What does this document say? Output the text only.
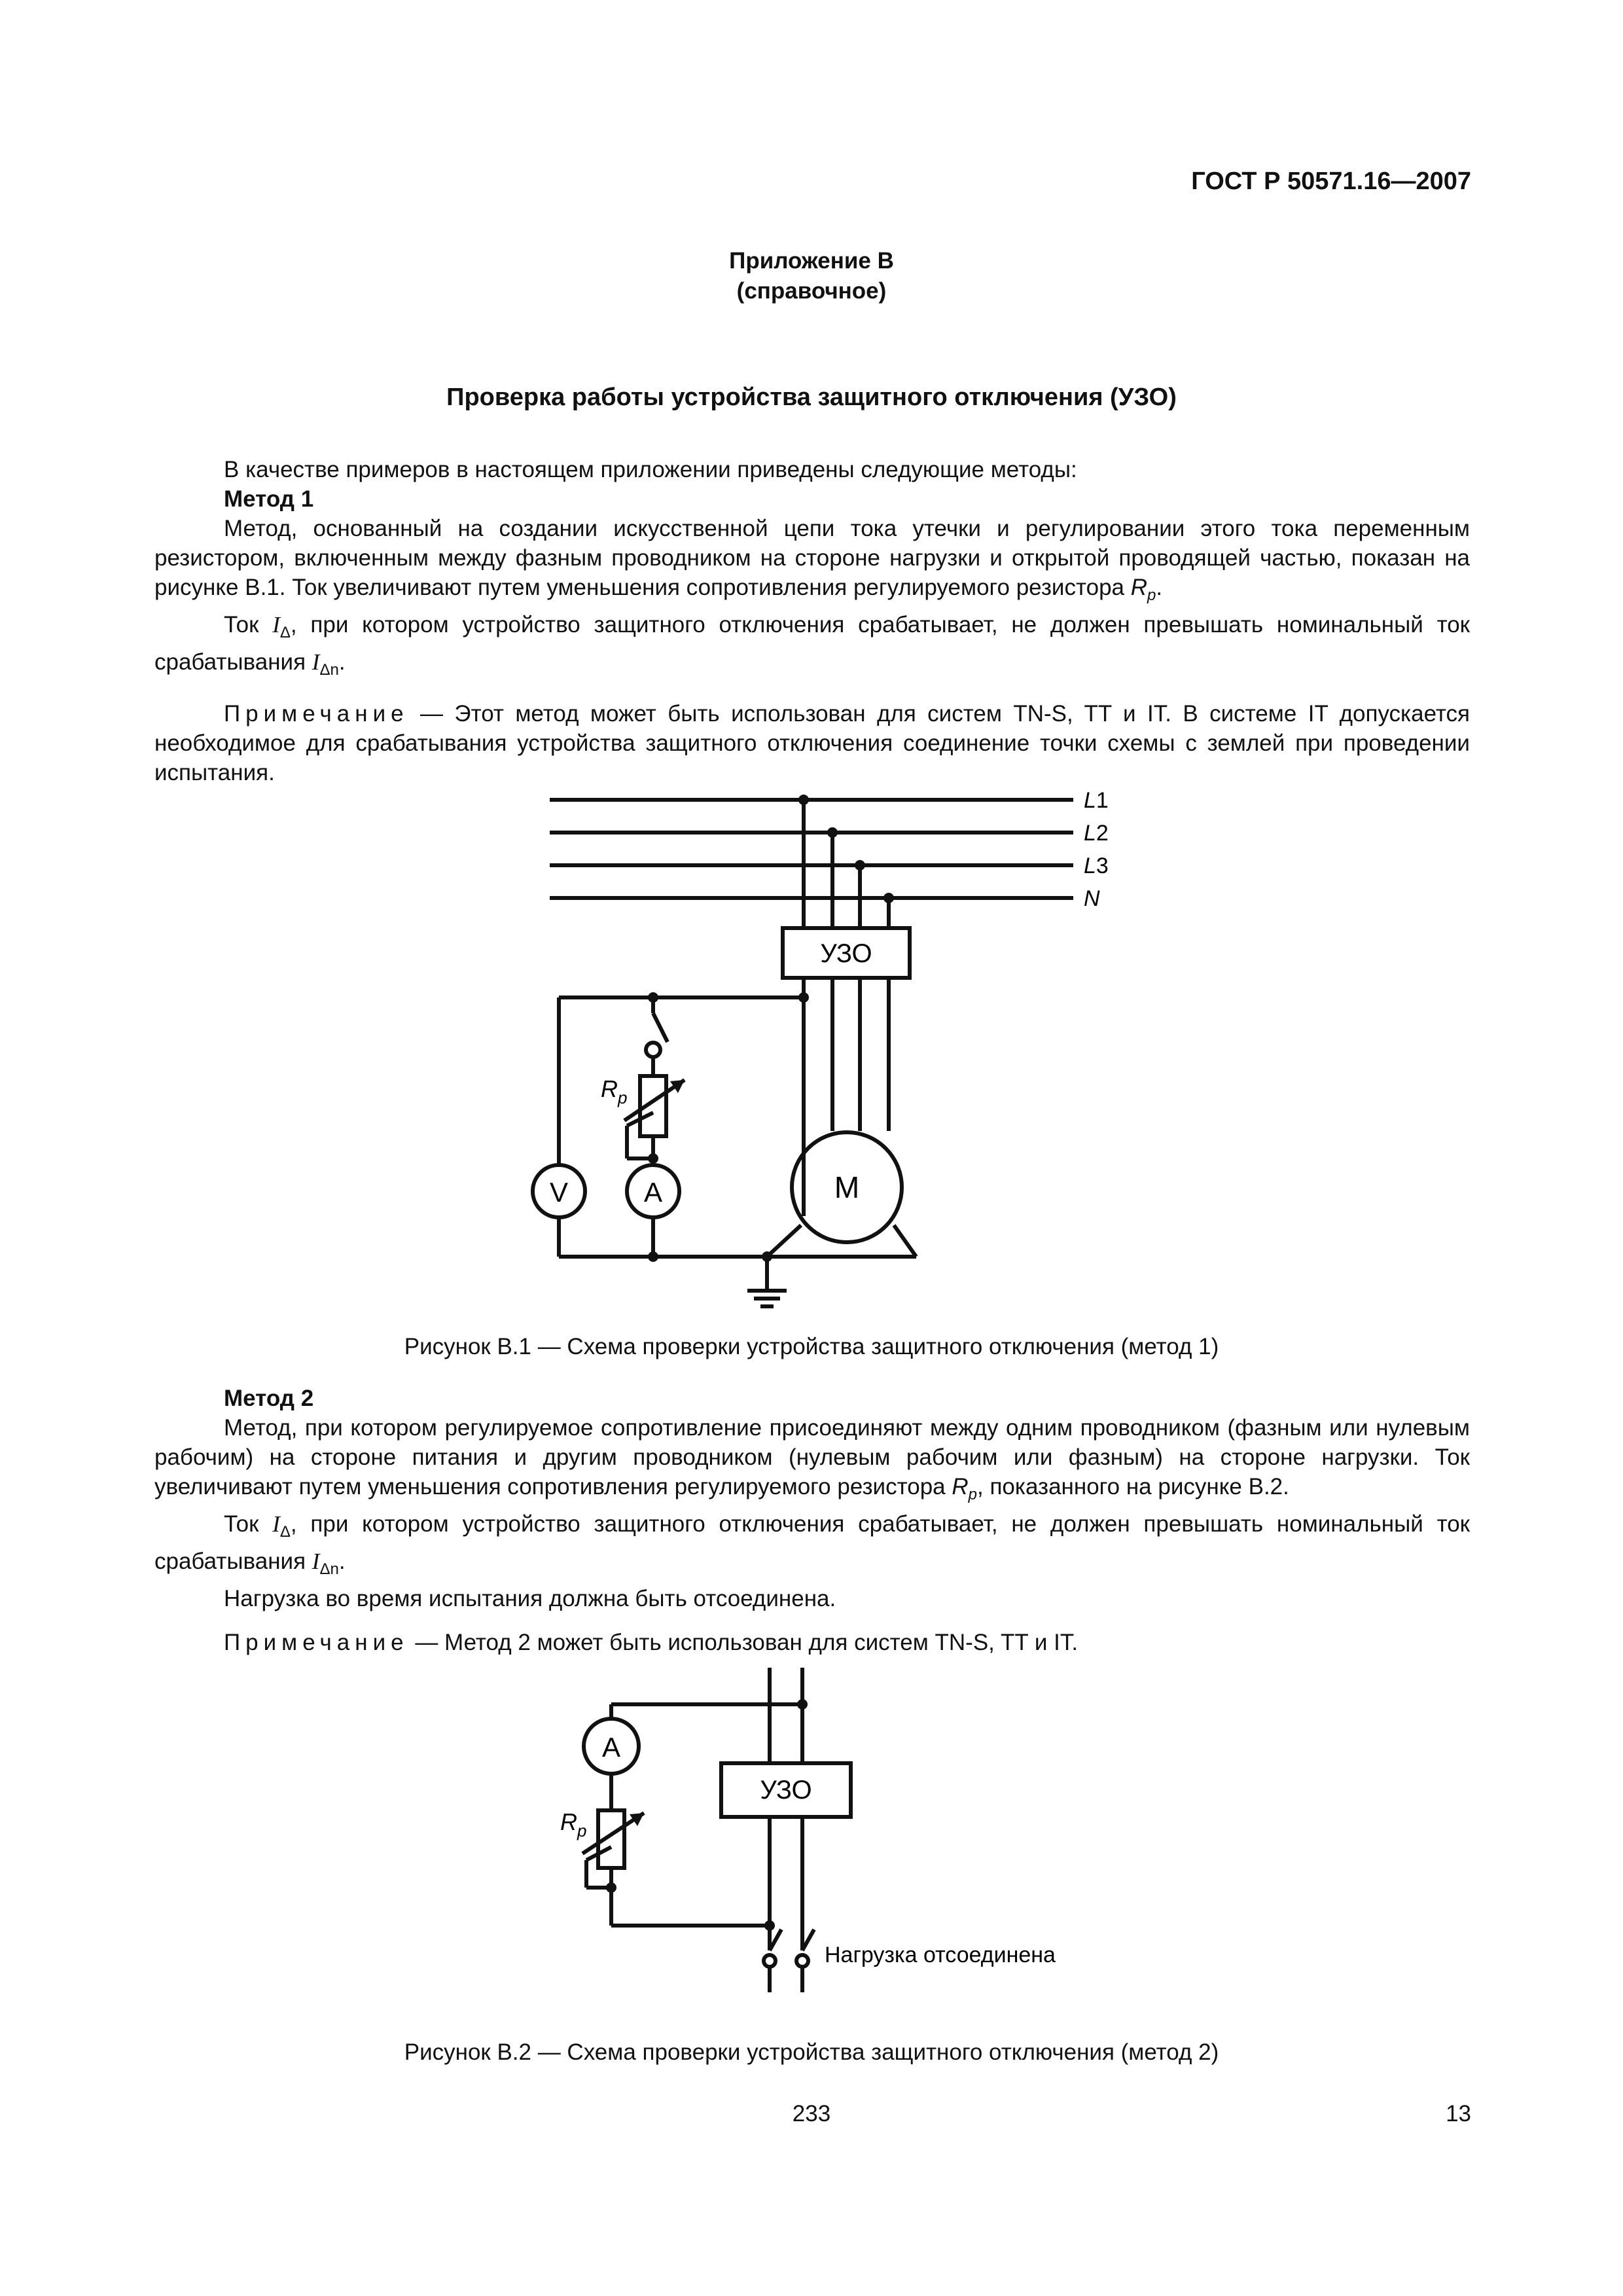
ГОСТ Р 50571.16—2007
Приложение В
(справочное)
Проверка работы устройства защитного отключения (УЗО)

В качестве примеров в настоящем приложении приведены следующие методы:

Метод 1

Метод, основанный на создании искусственной цепи тока утечки и регулировании этого тока переменным резистором, включенным между фазным проводником на стороне нагрузки и открытой проводящей частью, показан на рисунке В.1. Ток увеличивают путем уменьшения сопротивления регулируемого резистора $R_p$.

Ток $I_\Delta$, при котором устройство защитного отключения срабатывает, не должен превышать номинальный ток срабатывания $I_{\Delta n}$.

Примечание — Этот метод может быть использован для систем TN-S, TT и IT. В системе IT допускается необходимое для срабатывания устройства защитного отключения соединение точки схемы с землей при проведении испытания.

L1
L2
L3
N
УЗО
$R_p$
V	A	M
Рисунок В.1 — Схема проверки устройства защитного отключения (метод 1)

Метод 2

Метод, при котором регулируемое сопротивление присоединяют между одним проводником (фазным или нулевым рабочим) на стороне питания и другим проводником (нулевым рабочим или фазным) на стороне нагрузки. Ток увеличивают путем уменьшения сопротивления регулируемого резистора $R_p$, показанного на рисунке В.2.

Ток $I_\Delta$, при котором устройство защитного отключения срабатывает, не должен превышать номинальный ток срабатывания $I_{\Delta n}$.

Нагрузка во время испытания должна быть отсоединена.

Примечание — Метод 2 может быть использован для систем TN-S, TT и IT.

A
УЗО
$R_p$
Нагрузка отсоединена
Рисунок В.2 — Схема проверки устройства защитного отключения (метод 2)
233	13
